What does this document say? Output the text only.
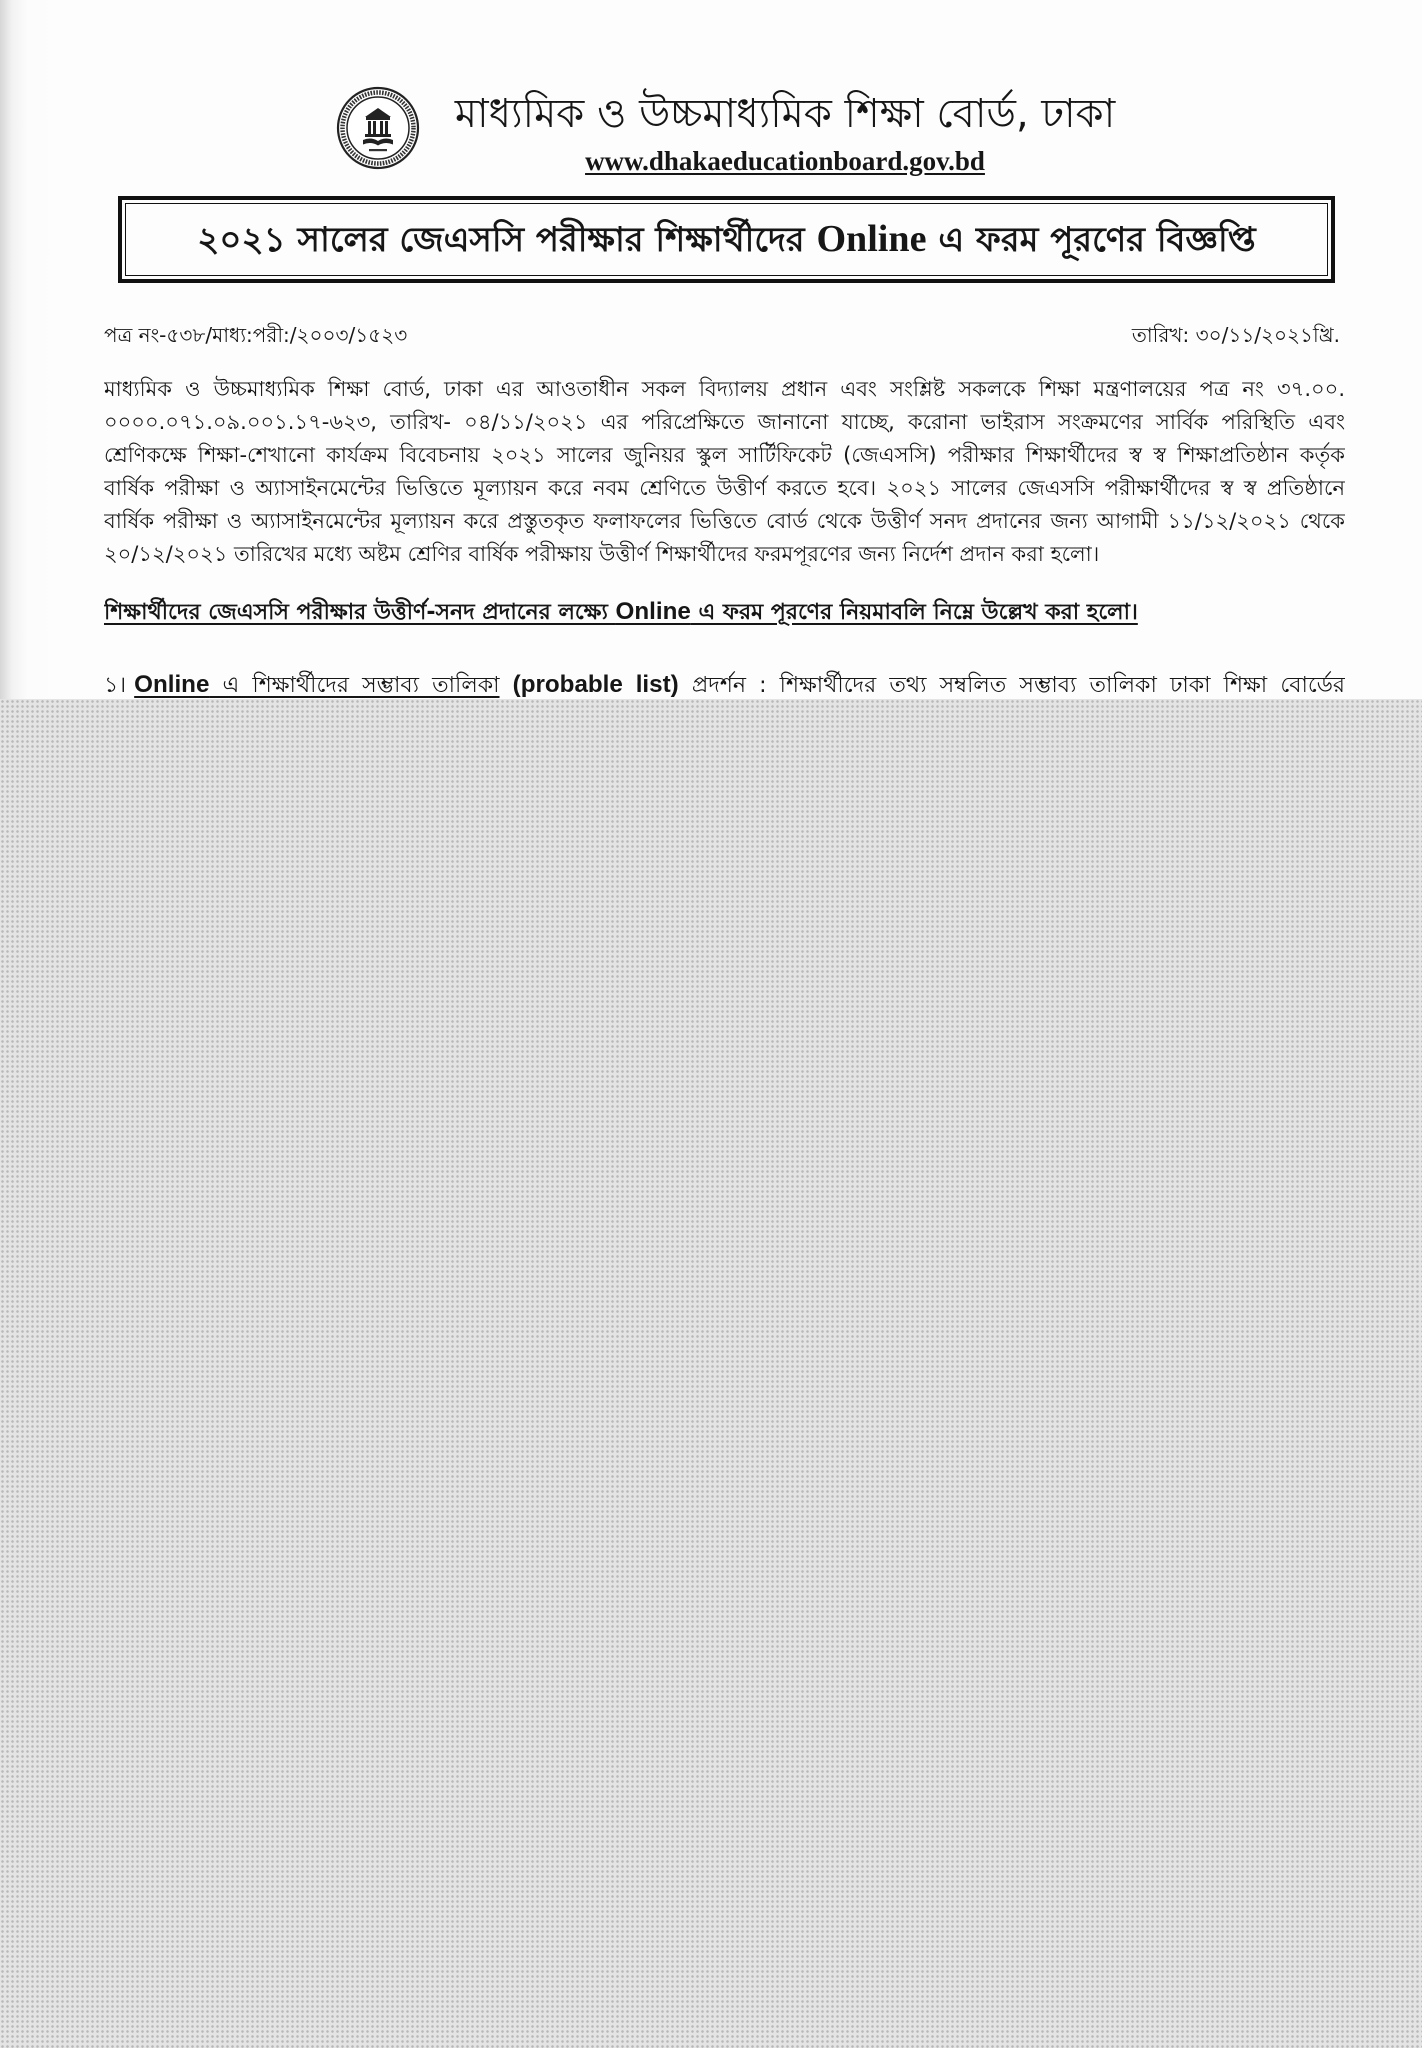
মাধ্যমিক ও উচ্চমাধ্যমিক শিক্ষা বোর্ড, ঢাকা
www.dhakaeducationboard.gov.bd
২০২১ সালের জেএসসি পরীক্ষার শিক্ষার্থীদের Online এ ফরম পূরণের বিজ্ঞপ্তি
পত্র নং-৫৩৮/মাধ্য:পরী:/২০০৩/১৫২৩	তারিখ: ৩০/১১/২০২১খ্রি.
মাধ্যমিক ও উচ্চমাধ্যমিক শিক্ষা বোর্ড, ঢাকা এর আওতাধীন সকল বিদ্যালয় প্রধান এবং সংশ্লিষ্ট সকলকে শিক্ষা মন্ত্রণালয়ের পত্র নং ৩৭.০০.
০০০০.০৭১.০৯.০০১.১৭-৬২৩, তারিখ- ০৪/১১/২০২১ এর পরিপ্রেক্ষিতে জানানো যাচ্ছে, করোনা ভাইরাস সংক্রমণের সার্বিক পরিস্থিতি এবং
শ্রেণিকক্ষে শিক্ষা-শেখানো কার্যক্রম বিবেচনায় ২০২১ সালের জুনিয়র স্কুল সার্টিফিকেট (জেএসসি) পরীক্ষার শিক্ষার্থীদের স্ব স্ব শিক্ষাপ্রতিষ্ঠান কর্তৃক
বার্ষিক পরীক্ষা ও অ্যাসাইনমেন্টের ভিত্তিতে মূল্যায়ন করে নবম শ্রেণিতে উত্তীর্ণ করতে হবে। ২০২১ সালের জেএসসি পরীক্ষার্থীদের স্ব স্ব প্রতিষ্ঠানে
বার্ষিক পরীক্ষা ও অ্যাসাইনমেন্টের মূল্যায়ন করে প্রস্তুতকৃত ফলাফলের ভিত্তিতে বোর্ড থেকে উত্তীর্ণ সনদ প্রদানের জন্য আগামী ১১/১২/২০২১ থেকে
২০/১২/২০২১ তারিখের মধ্যে অষ্টম শ্রেণির বার্ষিক পরীক্ষায় উত্তীর্ণ শিক্ষার্থীদের ফরমপূরণের জন্য নির্দেশ প্রদান করা হলো।
শিক্ষার্থীদের জেএসসি পরীক্ষার উত্তীর্ণ-সনদ প্রদানের লক্ষ্যে Online এ ফরম পূরণের নিয়মাবলি নিম্নে উল্লেখ করা হলো।
১। Online এ শিক্ষার্থীদের সম্ভাব্য তালিকা (probable list) প্রদর্শন : শিক্ষার্থীদের তথ্য সম্বলিত সম্ভাব্য তালিকা ঢাকা শিক্ষা বোর্ডের
